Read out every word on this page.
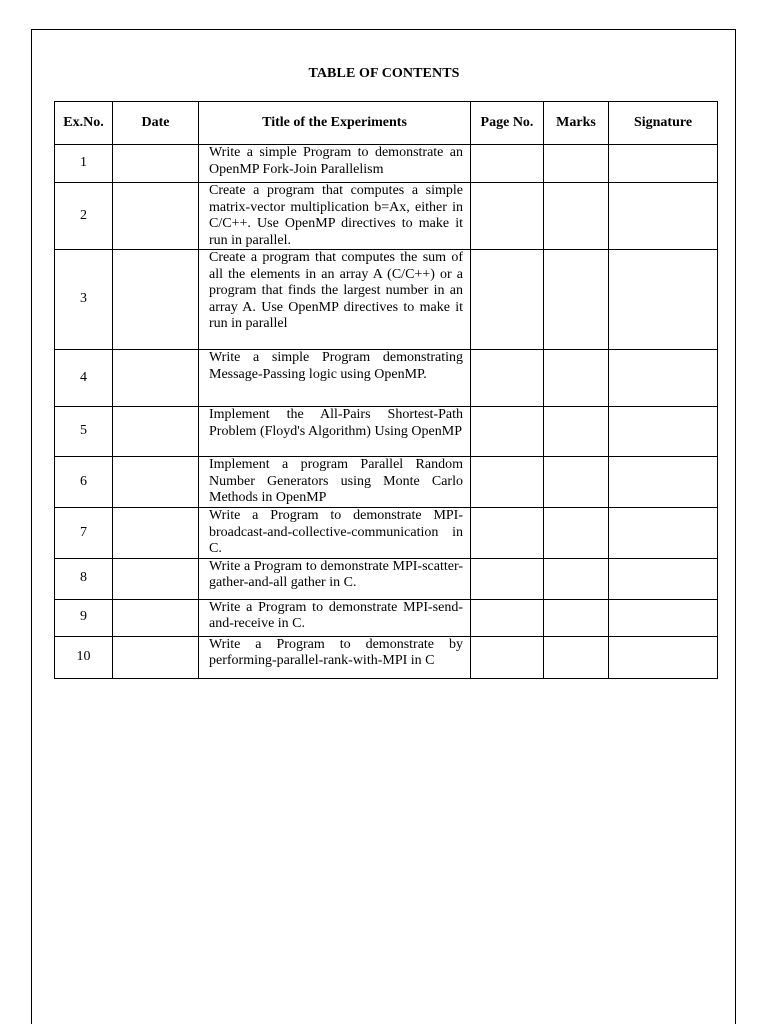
TABLE OF CONTENTS
Ex.No.	Date	Title of the Experiments	Page No.	Marks	Signature
1		Write a simple Program to demonstrate an OpenMP Fork-Join Parallelism			
2		Create a program that computes a simple matrix-vector multiplication b=Ax, either in C/C++. Use OpenMP directives to make it run in parallel.			
3		Create a program that computes the sum of all the elements in an array A (C/C++) or a program that finds the largest number in an array A. Use OpenMP directives to make it run in parallel			
4		Write a simple Program demonstrating Message-Passing logic using OpenMP.			
5		Implement the All-Pairs Shortest-Path Problem (Floyd's Algorithm) Using OpenMP			
6		Implement a program Parallel Random Number Generators using Monte Carlo Methods in OpenMP			
7		Write a Program to demonstrate MPI-broadcast-and-collective-communication in C.			
8		Write a Program to demonstrate MPI-scatter-gather-and-all gather in C.			
9		Write a Program to demonstrate MPI-send-and-receive in C.			
10		Write a Program to demonstrate by performing-parallel-rank-with-MPI in C			
